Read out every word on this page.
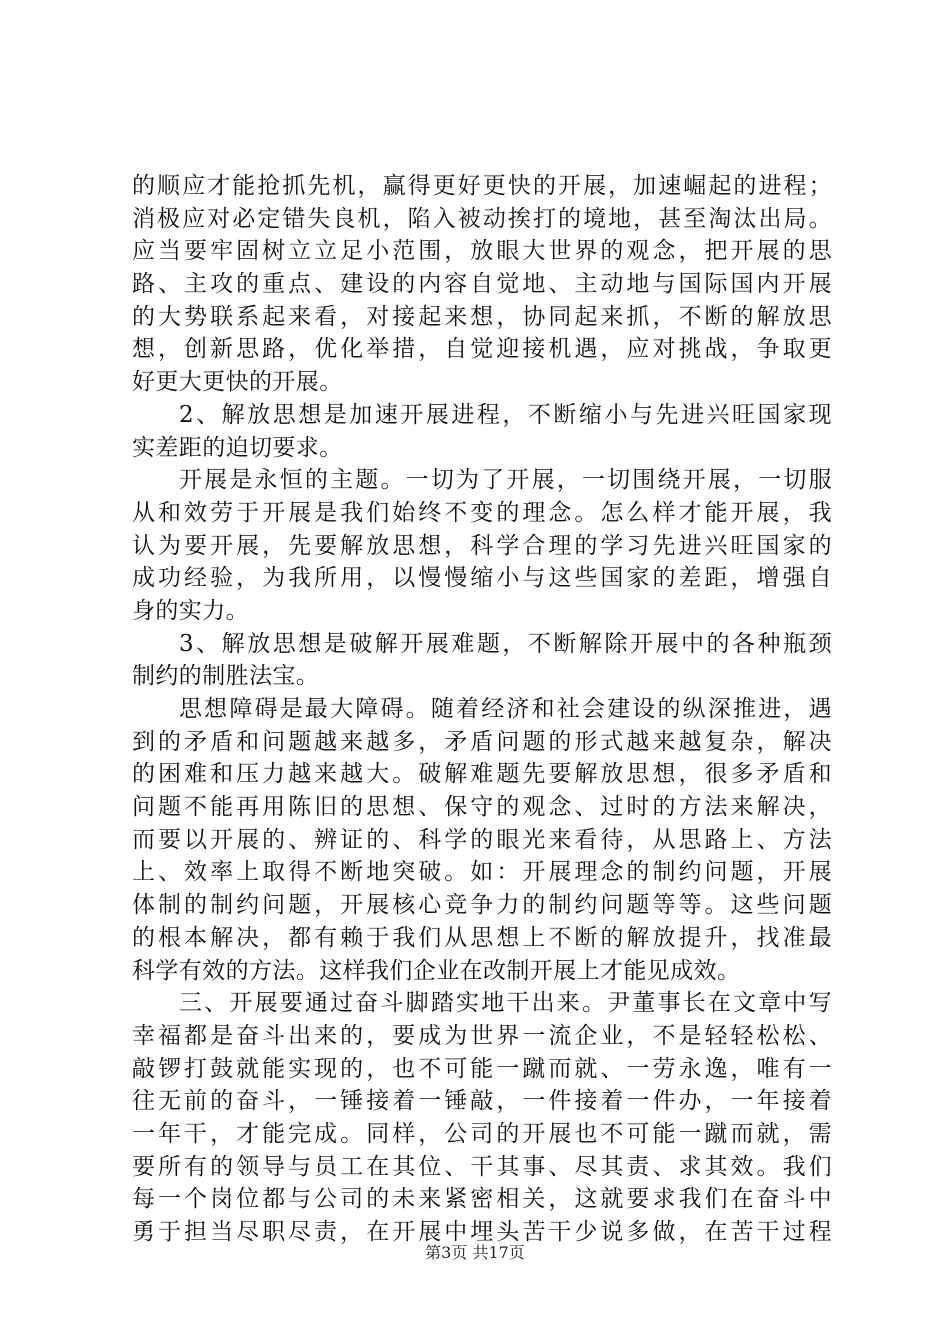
的顺应才能抢抓先机，赢得更好更快的开展，加速崛起的进程；
消极应对必定错失良机，陷入被动挨打的境地，甚至淘汰出局。
应当要牢固树立立足小范围，放眼大世界的观念，把开展的思
路、主攻的重点、建设的内容自觉地、主动地与国际国内开展
的大势联系起来看，对接起来想，协同起来抓，不断的解放思
想，创新思路，优化举措，自觉迎接机遇，应对挑战，争取更
好更大更快的开展。
2、解放思想是加速开展进程，不断缩小与先进兴旺国家现
实差距的迫切要求。
开展是永恒的主题。一切为了开展，一切围绕开展，一切服
从和效劳于开展是我们始终不变的理念。怎么样才能开展，我
认为要开展，先要解放思想，科学合理的学习先进兴旺国家的
成功经验，为我所用，以慢慢缩小与这些国家的差距，增强自
身的实力。
3、解放思想是破解开展难题，不断解除开展中的各种瓶颈
制约的制胜法宝。
思想障碍是最大障碍。随着经济和社会建设的纵深推进，遇
到的矛盾和问题越来越多，矛盾问题的形式越来越复杂，解决
的困难和压力越来越大。破解难题先要解放思想，很多矛盾和
问题不能再用陈旧的思想、保守的观念、过时的方法来解决，
而要以开展的、辨证的、科学的眼光来看待，从思路上、方法
上、效率上取得不断地突破。如：开展理念的制约问题，开展
体制的制约问题，开展核心竞争力的制约问题等等。这些问题
的根本解决，都有赖于我们从思想上不断的解放提升，找准最
科学有效的方法。这样我们企业在改制开展上才能见成效。
三、开展要通过奋斗脚踏实地干出来。尹董事长在文章中写
幸福都是奋斗出来的，要成为世界一流企业，不是轻轻松松、
敲锣打鼓就能实现的，也不可能一蹴而就、一劳永逸，唯有一
往无前的奋斗，一锤接着一锤敲，一件接着一件办，一年接着
一年干，才能完成。同样，公司的开展也不可能一蹴而就，需
要所有的领导与员工在其位、干其事、尽其责、求其效。我们
每一个岗位都与公司的未来紧密相关，这就要求我们在奋斗中
勇于担当尽职尽责，在开展中埋头苦干少说多做，在苦干过程
第3页 共17页
